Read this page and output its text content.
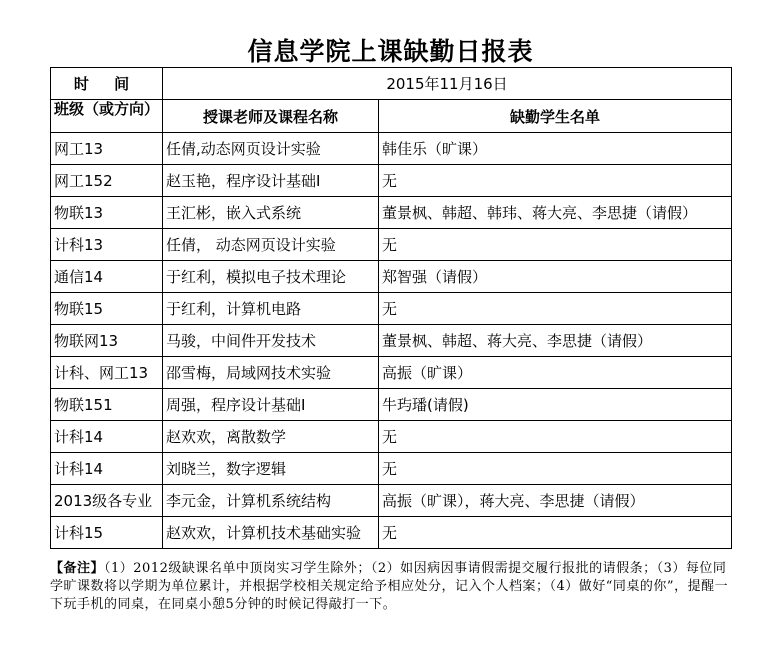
信息学院上课缺勤日报表
时 间	2015年11月16日	
班级（或方向）	授课老师及课程名称	缺勤学生名单
网工13	任倩,动态网页设计实验	韩佳乐（旷课）
网工152	赵玉艳，程序设计基础I	无
物联13	王汇彬，嵌入式系统	董景枫、韩超、韩玮、蒋大亮、李思捷（请假）
计科13	任倩， 动态网页设计实验	无
通信14	于红利，模拟电子技术理论	郑智强（请假）
物联15	于红利，计算机电路	无
物联网13	马骏，中间件开发技术	董景枫、韩超、蒋大亮、李思捷（请假）
计科、网工13	邵雪梅，局域网技术实验	高振（旷课）
物联151	周强，程序设计基础I	牛玙璠(请假)
计科14	赵欢欢，离散数学	无
计科14	刘晓兰，数字逻辑	无
2013级各专业	李元金，计算机系统结构	高振（旷课），蒋大亮、李思捷（请假）
计科15	赵欢欢，计算机技术基础实验	无
【备注】（1）2012级缺课名单中顶岗实习学生除外；（2）如因病因事请假需提交履行报批的请假条；（3）每位同学旷课数将以学期为单位累计，并根据学校相关规定给予相应处分，记入个人档案；（4）做好“同桌的你”，提醒一下玩手机的同桌，在同桌小憩5分钟的时候记得敲打一下。
